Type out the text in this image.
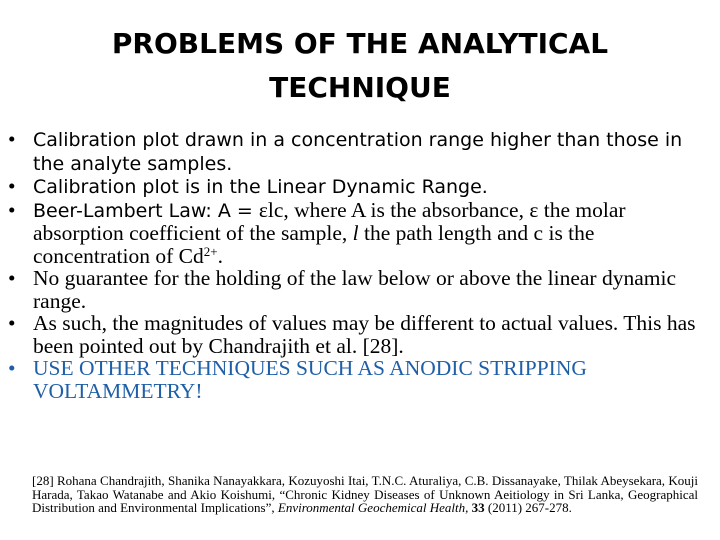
PROBLEMS OF THE ANALYTICAL
TECHNIQUE
• Calibration plot drawn in a concentration range higher than those in the analyte samples.
• Calibration plot is in the Linear Dynamic Range.
• Beer-Lambert Law: A = εlc, where A is the absorbance, ε the molar absorption coefficient of the sample, l the path length and c is the concentration of $Cd^{2+}$.
• No guarantee for the holding of the law below or above the linear dynamic range.
• As such, the magnitudes of values may be different to actual values. This has been pointed out by Chandrajith et al. [28].
• USE OTHER TECHNIQUES SUCH AS ANODIC STRIPPING VOLTAMMETRY!
[28] Rohana Chandrajith, Shanika Nanayakkara, Kozuyoshi Itai, T.N.C. Aturaliya, C.B. Dissanayake, Thilak Abeysekara, Kouji Harada, Takao Watanabe and Akio Koishumi, “Chronic Kidney Diseases of Unknown Aeitiology in Sri Lanka, Geographical Distribution and Environmental Implications”, Environmental Geochemical Health, 33 (2011) 267-278.
